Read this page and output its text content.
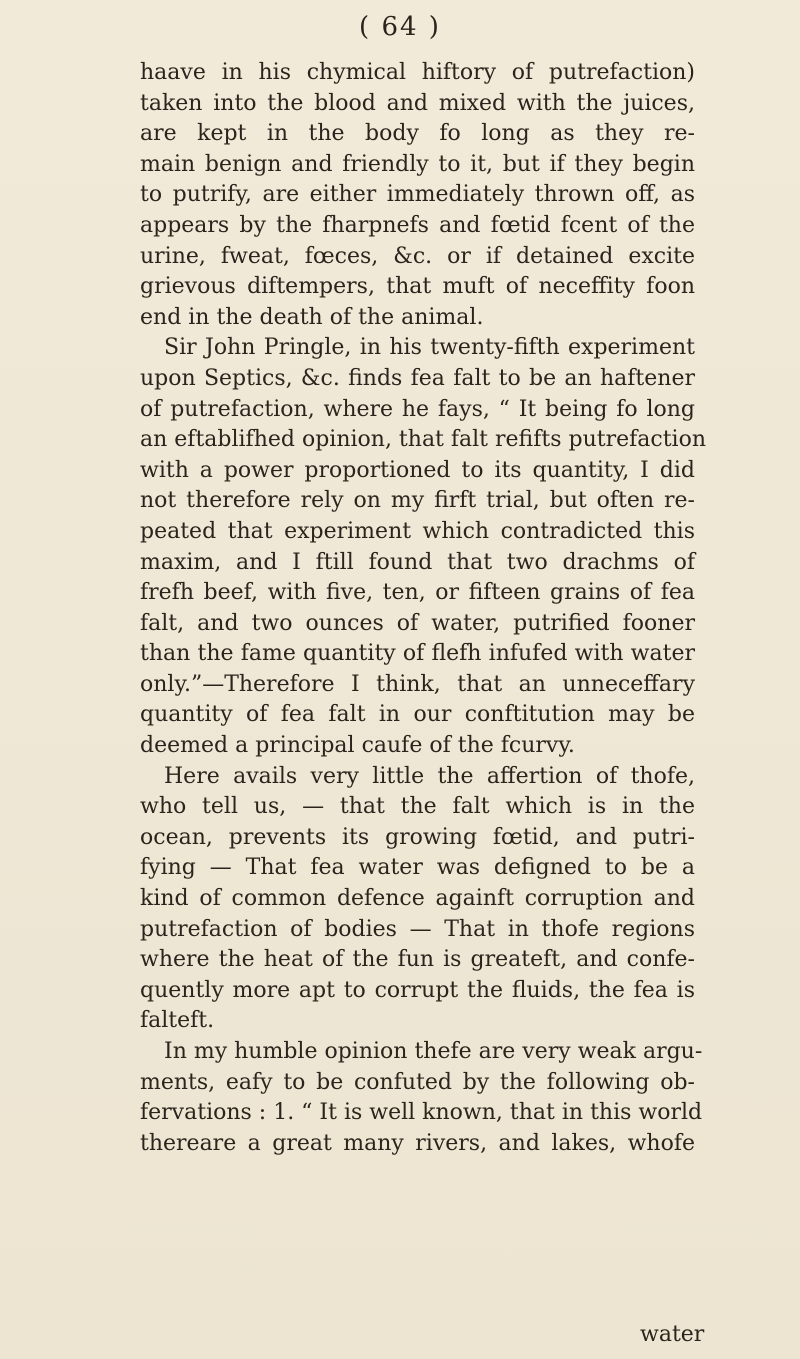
( 64 )
haave in his chymical hiftory of putrefaction)
taken into the blood and mixed with the juices,
are kept in the body fo long as they re-
main benign and friendly to it, but if they begin
to putrify, are either immediately thrown off, as
appears by the fharpnefs and fœtid fcent of the
urine, fweat, fœces, &c. or if detained excite
grievous diftempers, that muft of neceffity foon
end in the death of the animal.
Sir John Pringle, in his twenty-fifth experiment
upon Septics, &c. finds fea falt to be an haftener
of putrefaction, where he fays, “ It being fo long
an eftablifhed opinion, that falt refifts putrefaction
with a power proportioned to its quantity, I did
not therefore rely on my firft trial, but often re-
peated that experiment which contradicted this
maxim, and I ftill found that two drachms of
frefh beef, with five, ten, or fifteen grains of fea
falt, and two ounces of water, putrified fooner
than the fame quantity of flefh infufed with water
only.”—Therefore I think, that an unneceffary
quantity of fea falt in our conftitution may be
deemed a principal caufe of the fcurvy.
Here avails very little the affertion of thofe,
who tell us, — that the falt which is in the
ocean, prevents its growing fœtid, and putri-
fying — That fea water was defigned to be a
kind of common defence againft corruption and
putrefaction of bodies — That in thofe regions
where the heat of the fun is greateft, and confe-
quently more apt to corrupt the fluids, the fea is
falteft.
In my humble opinion thefe are very weak argu-
ments, eafy to be confuted by the following ob-
fervations : 1. “ It is well known, that in this world
thereare a great many rivers, and lakes, whofe
water
